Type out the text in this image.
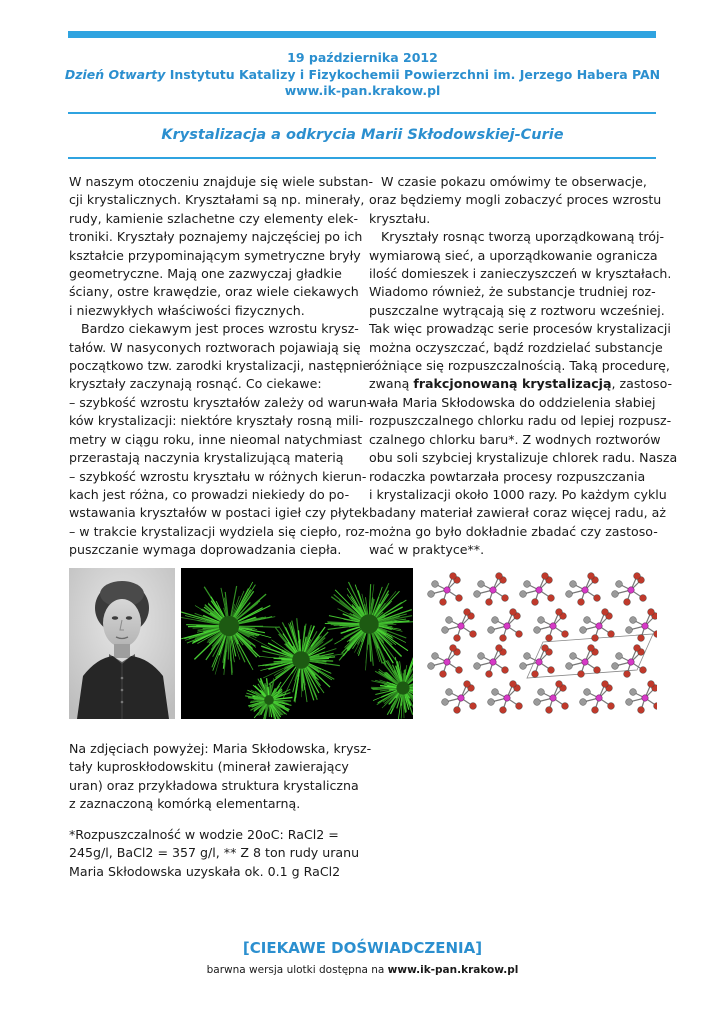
19 października 2012
Dzień Otwarty Instytutu Katalizy i Fizykochemii Powierzchni im. Jerzego Habera PAN
www.ik-pan.krakow.pl
Krystalizacja a odkrycia Marii Skłodowskiej-Curie

W naszym otoczeniu znajduje się wiele substan-
cji krystalicznych. Kryształami są np. minerały,
rudy, kamienie szlachetne czy elementy elek-
troniki. Kryształy poznajemy najczęściej po ich
kształcie przypominającym symetryczne bryły
geometryczne. Mają one zazwyczaj gładkie
ściany, ostre krawędzie, oraz wiele ciekawych
i niezwykłych właściwości fizycznych.
Bardzo ciekawym jest proces wzrostu krysz-
tałów. W nasyconych roztworach pojawiają się
początkowo tzw. zarodki krystalizacji, następnie
kryształy zaczynają rosnąć. Co ciekawe:
– szybkość wzrostu kryształów zależy od warun-
ków krystalizacji: niektóre kryształy rosną mili-
metry w ciągu roku, inne nieomal natychmiast
przerastają naczynia krystalizującą materią
– szybkość wzrostu kryształu w różnych kierun-
kach jest różna, co prowadzi niekiedy do po-
wstawania kryształów w postaci igieł czy płytek
– w trakcie krystalizacji wydziela się ciepło, roz-
puszczanie wymaga doprowadzania ciepła.

W czasie pokazu omówimy te obserwacje,
oraz będziemy mogli zobaczyć proces wzrostu
kryształu.
Kryształy rosnąc tworzą uporządkowaną trój-
wymiarową sieć, a uporządkowanie ogranicza
ilość domieszek i zanieczyszczeń w kryształach.
Wiadomo również, że substancje trudniej roz-
puszczalne wytrącają się z roztworu wcześniej.
Tak więc prowadząc serie procesów krystalizacji
można oczyszczać, bądź rozdzielać substancje
różniące się rozpuszczalnością. Taką procedurę,

zwaną frakcjonowaną krystalizacją, zastoso-

wała Maria Skłodowska do oddzielenia słabiej
rozpuszczalnego chlorku radu od lepiej rozpusz-
czalnego chlorku baru*. Z wodnych roztworów
obu soli szybciej krystalizuje chlorek radu. Nasza
rodaczka powtarzała procesy rozpuszczania
i krystalizacji około 1000 razy. Po każdym cyklu
badany materiał zawierał coraz więcej radu, aż
można go było dokładnie zbadać czy zastoso-
wać w praktyce**.

Na zdjęciach powyżej: Maria Skłodowska, krysz-
tały kuproskłodowskitu (minerał zawierający
uran) oraz przykładowa struktura krystaliczna
z zaznaczoną komórką elementarną.
*Rozpuszczalność w wodzie 20oC: RaCl2 =
245g/l, BaCl2 = 357 g/l, ** Z 8 ton rudy uranu
Maria Skłodowska uzyskała ok. 0.1 g RaCl2
[CIEKAWE DOŚWIADCZENIA]
barwna wersja ulotki dostępna na www.ik-pan.krakow.pl
